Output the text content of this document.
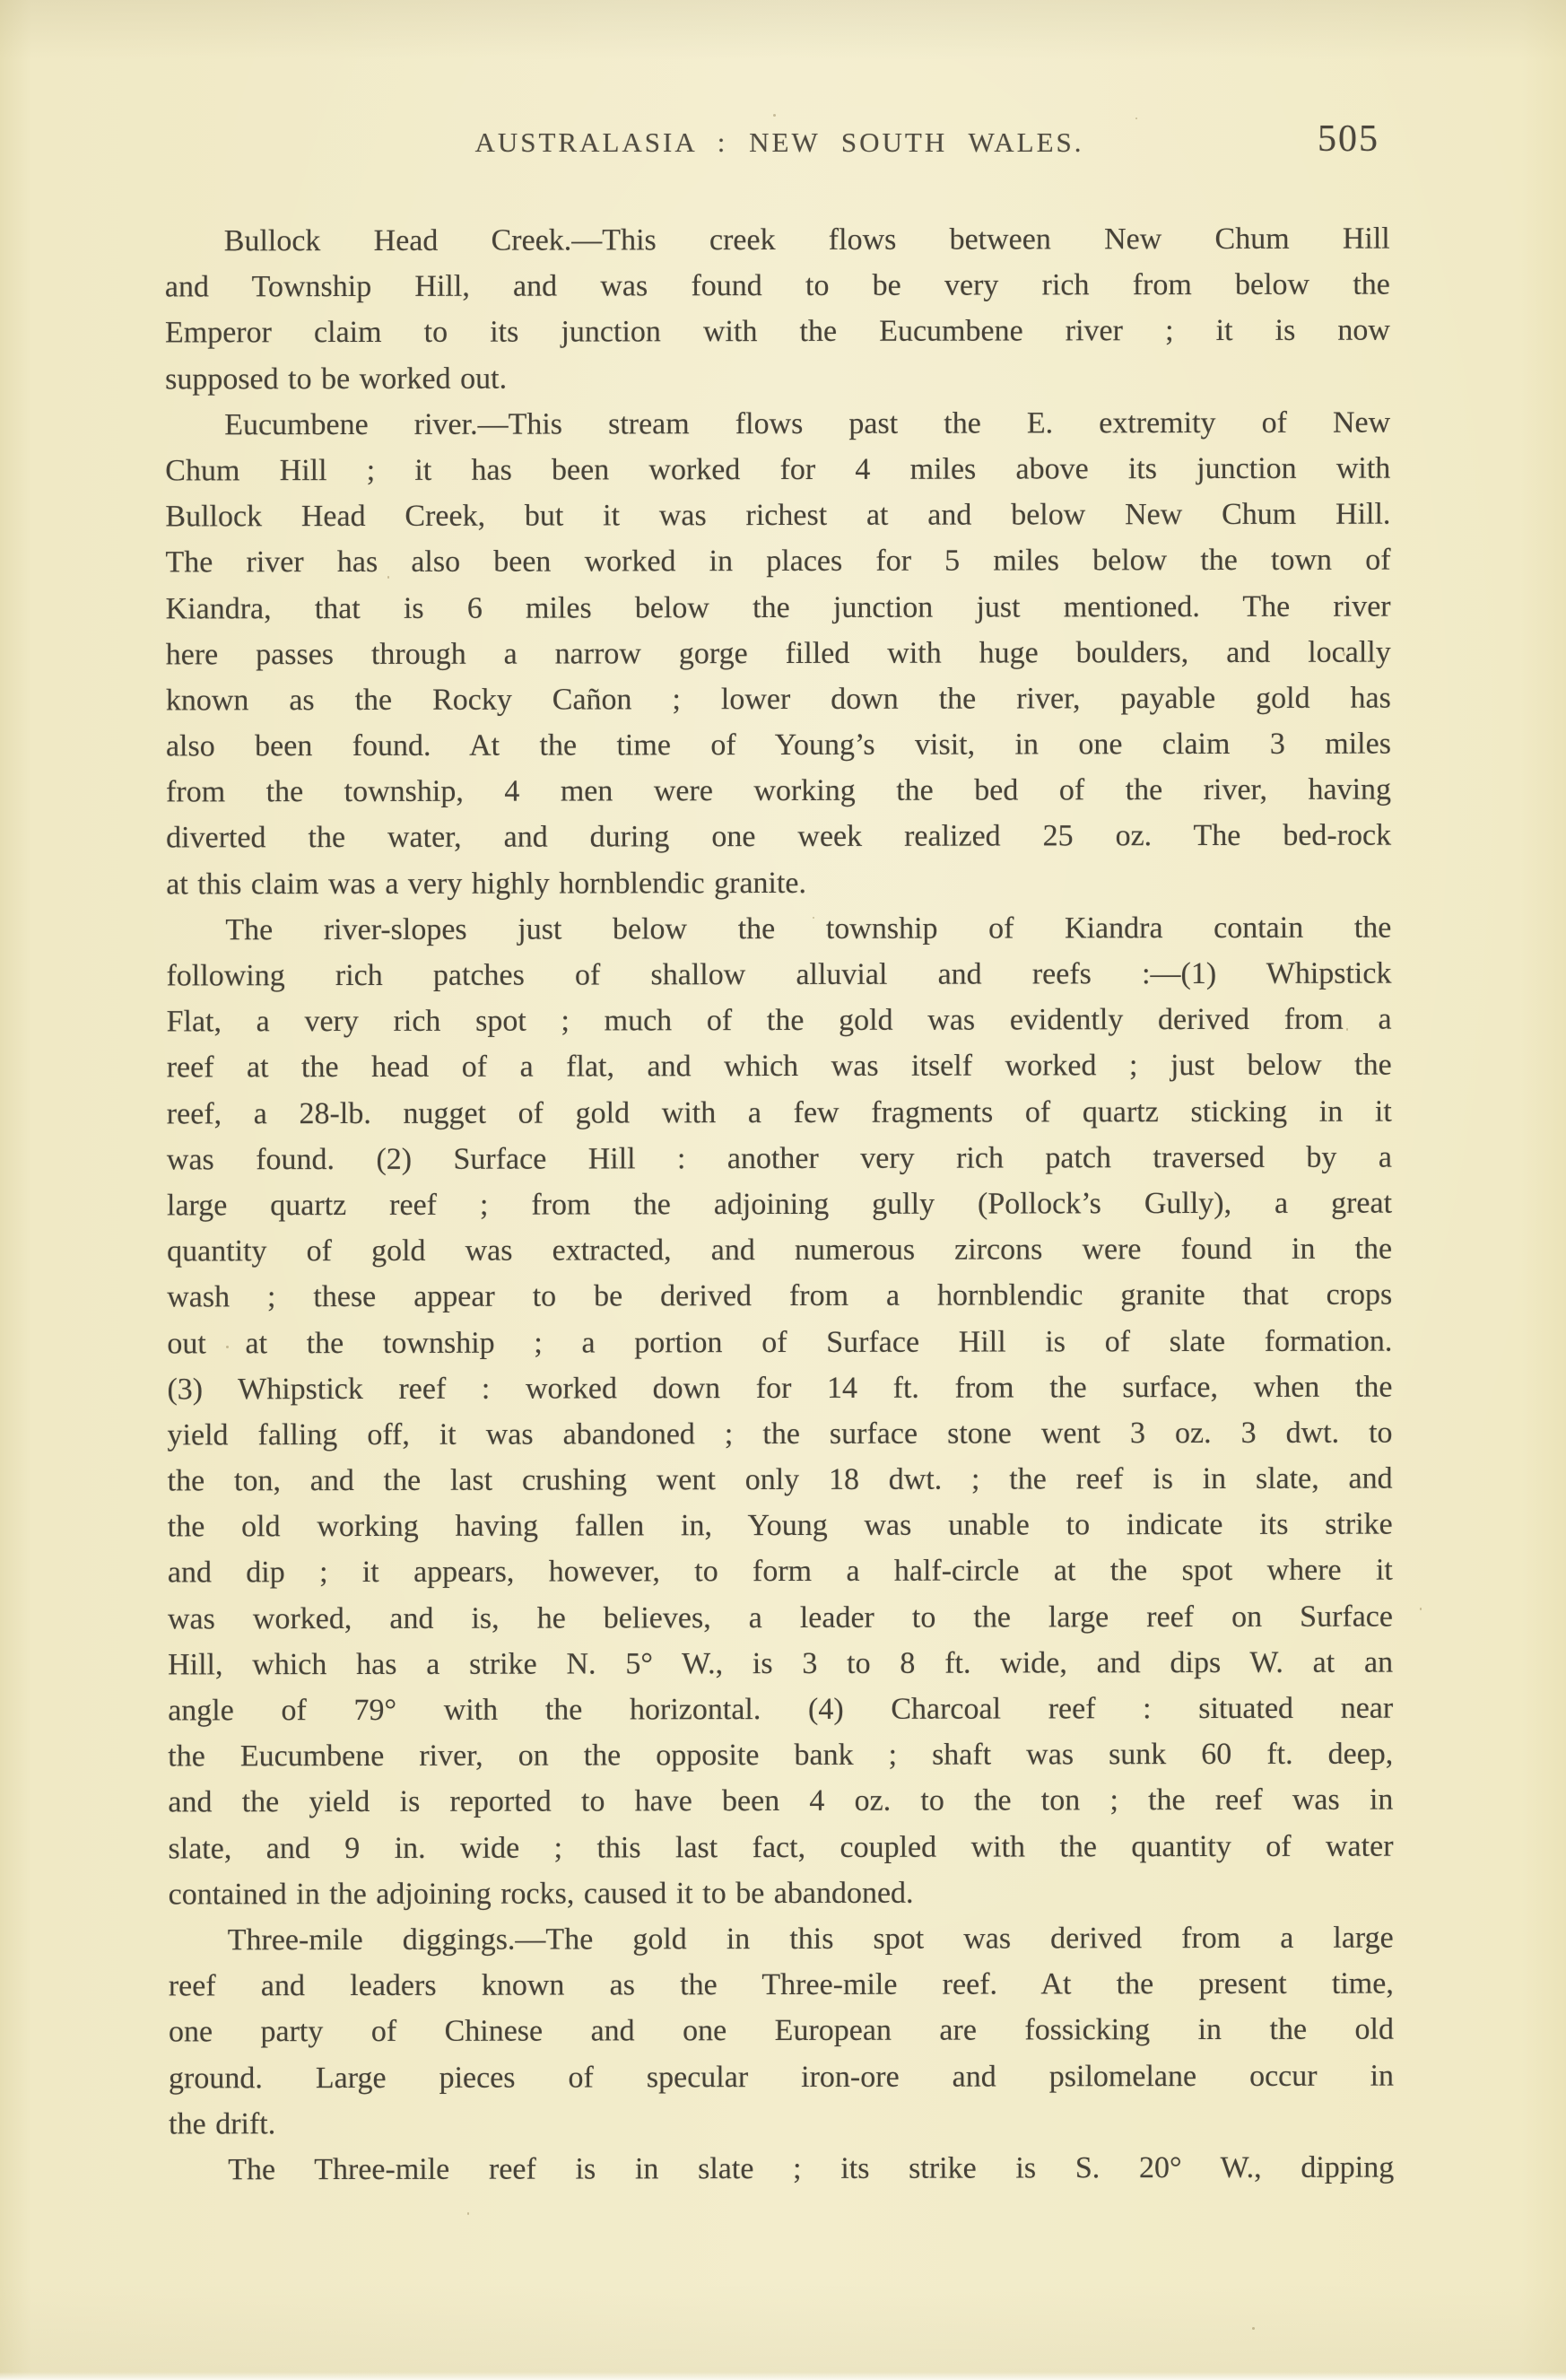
AUSTRALASIA : NEW SOUTH WALES.	505
Bullock Head Creek.—This creek flows between New Chum Hill
and Township Hill, and was found to be very rich from below the
Emperor claim to its junction with the Eucumbene river ; it is now
supposed to be worked out.
Eucumbene river.—This stream flows past the E. extremity of New
Chum Hill ; it has been worked for 4 miles above its junction with
Bullock Head Creek, but it was richest at and below New Chum Hill.
The river has also been worked in places for 5 miles below the town of
Kiandra, that is 6 miles below the junction just mentioned. The river
here passes through a narrow gorge filled with huge boulders, and locally
known as the Rocky Cañon ; lower down the river, payable gold has
also been found. At the time of Young’s visit, in one claim 3 miles
from the township, 4 men were working the bed of the river, having
diverted the water, and during one week realized 25 oz. The bed-rock
at this claim was a very highly hornblendic granite.
The river-slopes just below the township of Kiandra contain the
following rich patches of shallow alluvial and reefs :—(1) Whipstick
Flat, a very rich spot ; much of the gold was evidently derived from a
reef at the head of a flat, and which was itself worked ; just below the
reef, a 28-lb. nugget of gold with a few fragments of quartz sticking in it
was found. (2) Surface Hill : another very rich patch traversed by a
large quartz reef ; from the adjoining gully (Pollock’s Gully), a great
quantity of gold was extracted, and numerous zircons were found in the
wash ; these appear to be derived from a hornblendic granite that crops
out at the township ; a portion of Surface Hill is of slate formation.
(3) Whipstick reef : worked down for 14 ft. from the surface, when the
yield falling off, it was abandoned ; the surface stone went 3 oz. 3 dwt. to
the ton, and the last crushing went only 18 dwt. ; the reef is in slate, and
the old working having fallen in, Young was unable to indicate its strike
and dip ; it appears, however, to form a half-circle at the spot where it
was worked, and is, he believes, a leader to the large reef on Surface
Hill, which has a strike N. 5° W., is 3 to 8 ft. wide, and dips W. at an
angle of 79° with the horizontal. (4) Charcoal reef : situated near
the Eucumbene river, on the opposite bank ; shaft was sunk 60 ft. deep,
and the yield is reported to have been 4 oz. to the ton ; the reef was in
slate, and 9 in. wide ; this last fact, coupled with the quantity of water
contained in the adjoining rocks, caused it to be abandoned.
Three-mile diggings.—The gold in this spot was derived from a large
reef and leaders known as the Three-mile reef. At the present time,
one party of Chinese and one European are fossicking in the old
ground. Large pieces of specular iron-ore and psilomelane occur in
the drift.
The Three-mile reef is in slate ; its strike is S. 20° W., dipping
